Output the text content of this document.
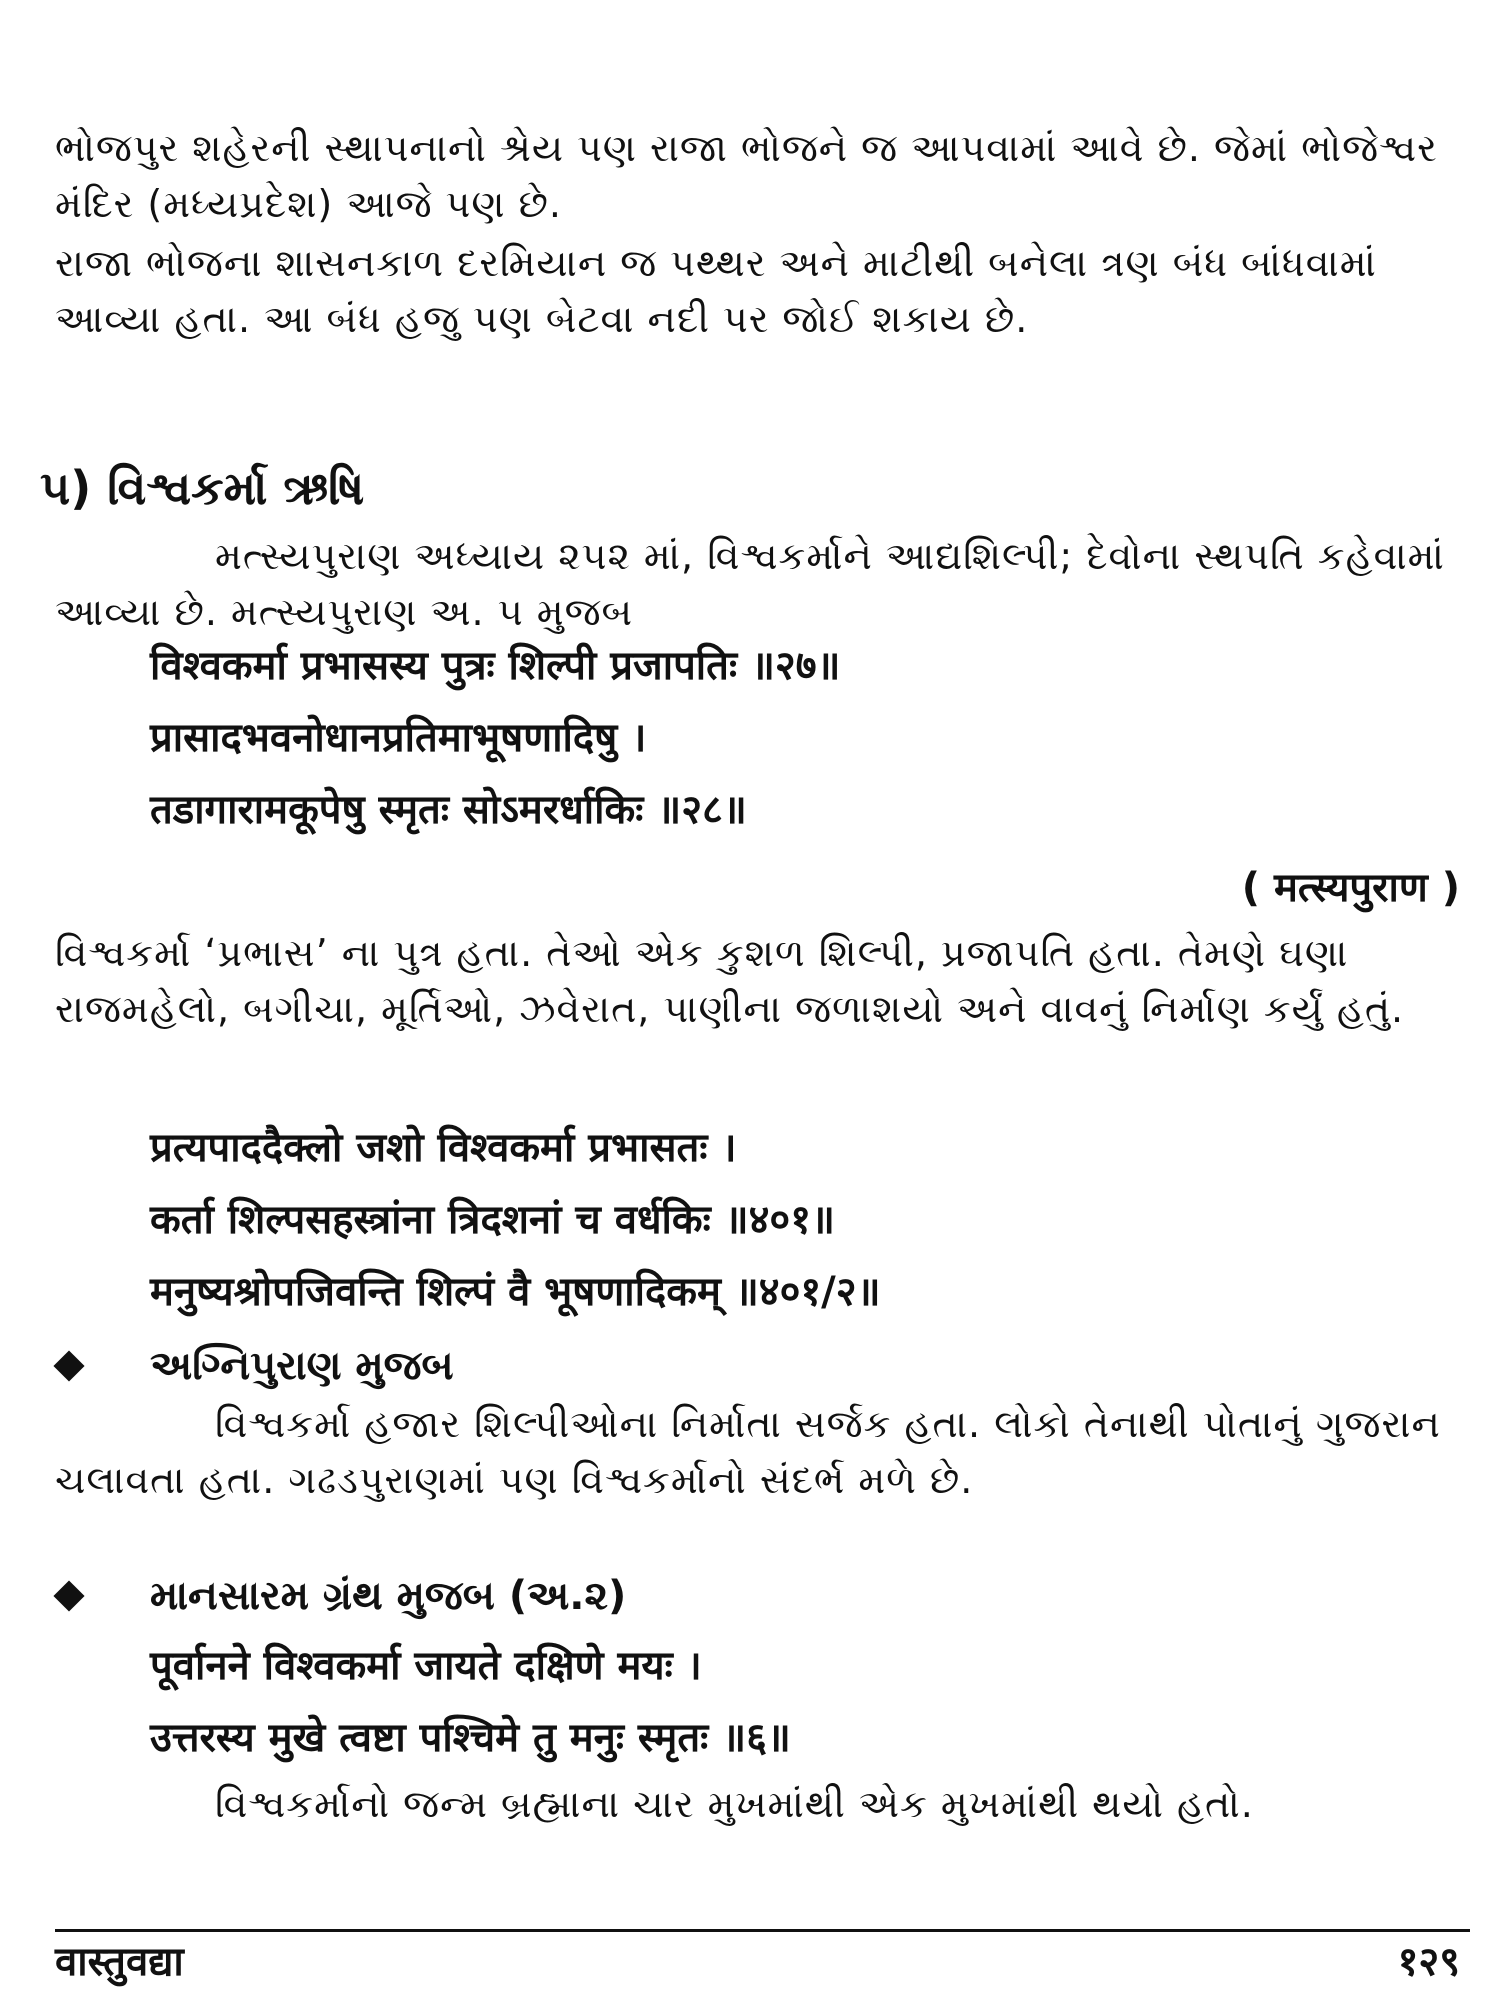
ભોજપુર શહેરની સ્થાપનાનો શ્રેય પણ રાજા ભોજને જ આપવામાં આવે છે. જેમાં ભોજેશ્વર મંદિર (મધ્યપ્રદેશ) આજે પણ છે.

રાજા ભોજના શાસનકાળ દરમિયાન જ પથ્થર અને માટીથી બનેલા ત્રણ બંધ બાંધવામાં આવ્યા હતા. આ બંધ હજુ પણ બેટવા નદી પર જોઈ શકાય છે.

૫) વિશ્વકર્મા ઋષિ

મત્સ્યપુરાણ અધ્યાય ૨૫૨ માં, વિશ્વકર્માને આદ્યશિલ્પી; દેવોના સ્થપતિ કહેવામાં આવ્યા છે. મત્સ્યપુરાણ અ. ૫ મુજબ

विश्वकर्मा प्रभासस्य पुत्रः शिल्पी प्रजापतिः ॥२७॥

प्रासादभवनोधानप्रतिमाभूषणादिषु ।

तडागारामकूपेषु स्मृतः सोऽमरर्धाकिः ॥२८॥

( मत्स्यपुराण )

વિશ્વકર્મા ‘પ્રભાસ’ ના પુત્ર હતા. તેઓ એક કુશળ શિલ્પી, પ્રજાપતિ હતા. તેમણે ઘણા રાજમહેલો, બગીચા, મૂર્તિઓ, ઝવેરાત, પાણીના જળાશયો અને વાવનું નિર્માણ કર્યું હતું.

प्रत्यपाददैक्लो जशो विश्वकर्मा प्रभासतः ।

कर्ता शिल्पसहस्त्रांना त्रिदशनां च वर्धकिः ॥४०१॥

मनुष्यश्रोपजिवन्ति शिल्पं वै भूषणादिकम् ॥४०१/२॥

અગ્નિપુરાણ મુજબ

વિશ્વકર્મા હજાર શિલ્પીઓના નિર્માતા સર્જક હતા. લોકો તેનાથી પોતાનું ગુજરાન ચલાવતા હતા. ગઢડપુરાણમાં પણ વિશ્વકર્માનો સંદર્ભ મળે છે.

માનસારમ ગ્રંથ મુજબ (અ.૨)

पूर्वानने विश्वकर्मा जायते दक्षिणे मयः ।

उत्तरस्य मुखे त्वष्टा पश्चिमे तु मनुः स्मृतः ॥६॥

વિશ્વકર્માનો જન્મ બ્રહ્માના ચાર મુખમાંથી એક મુખમાંથી થયો હતો.

वास्तुवद्या	१२९
